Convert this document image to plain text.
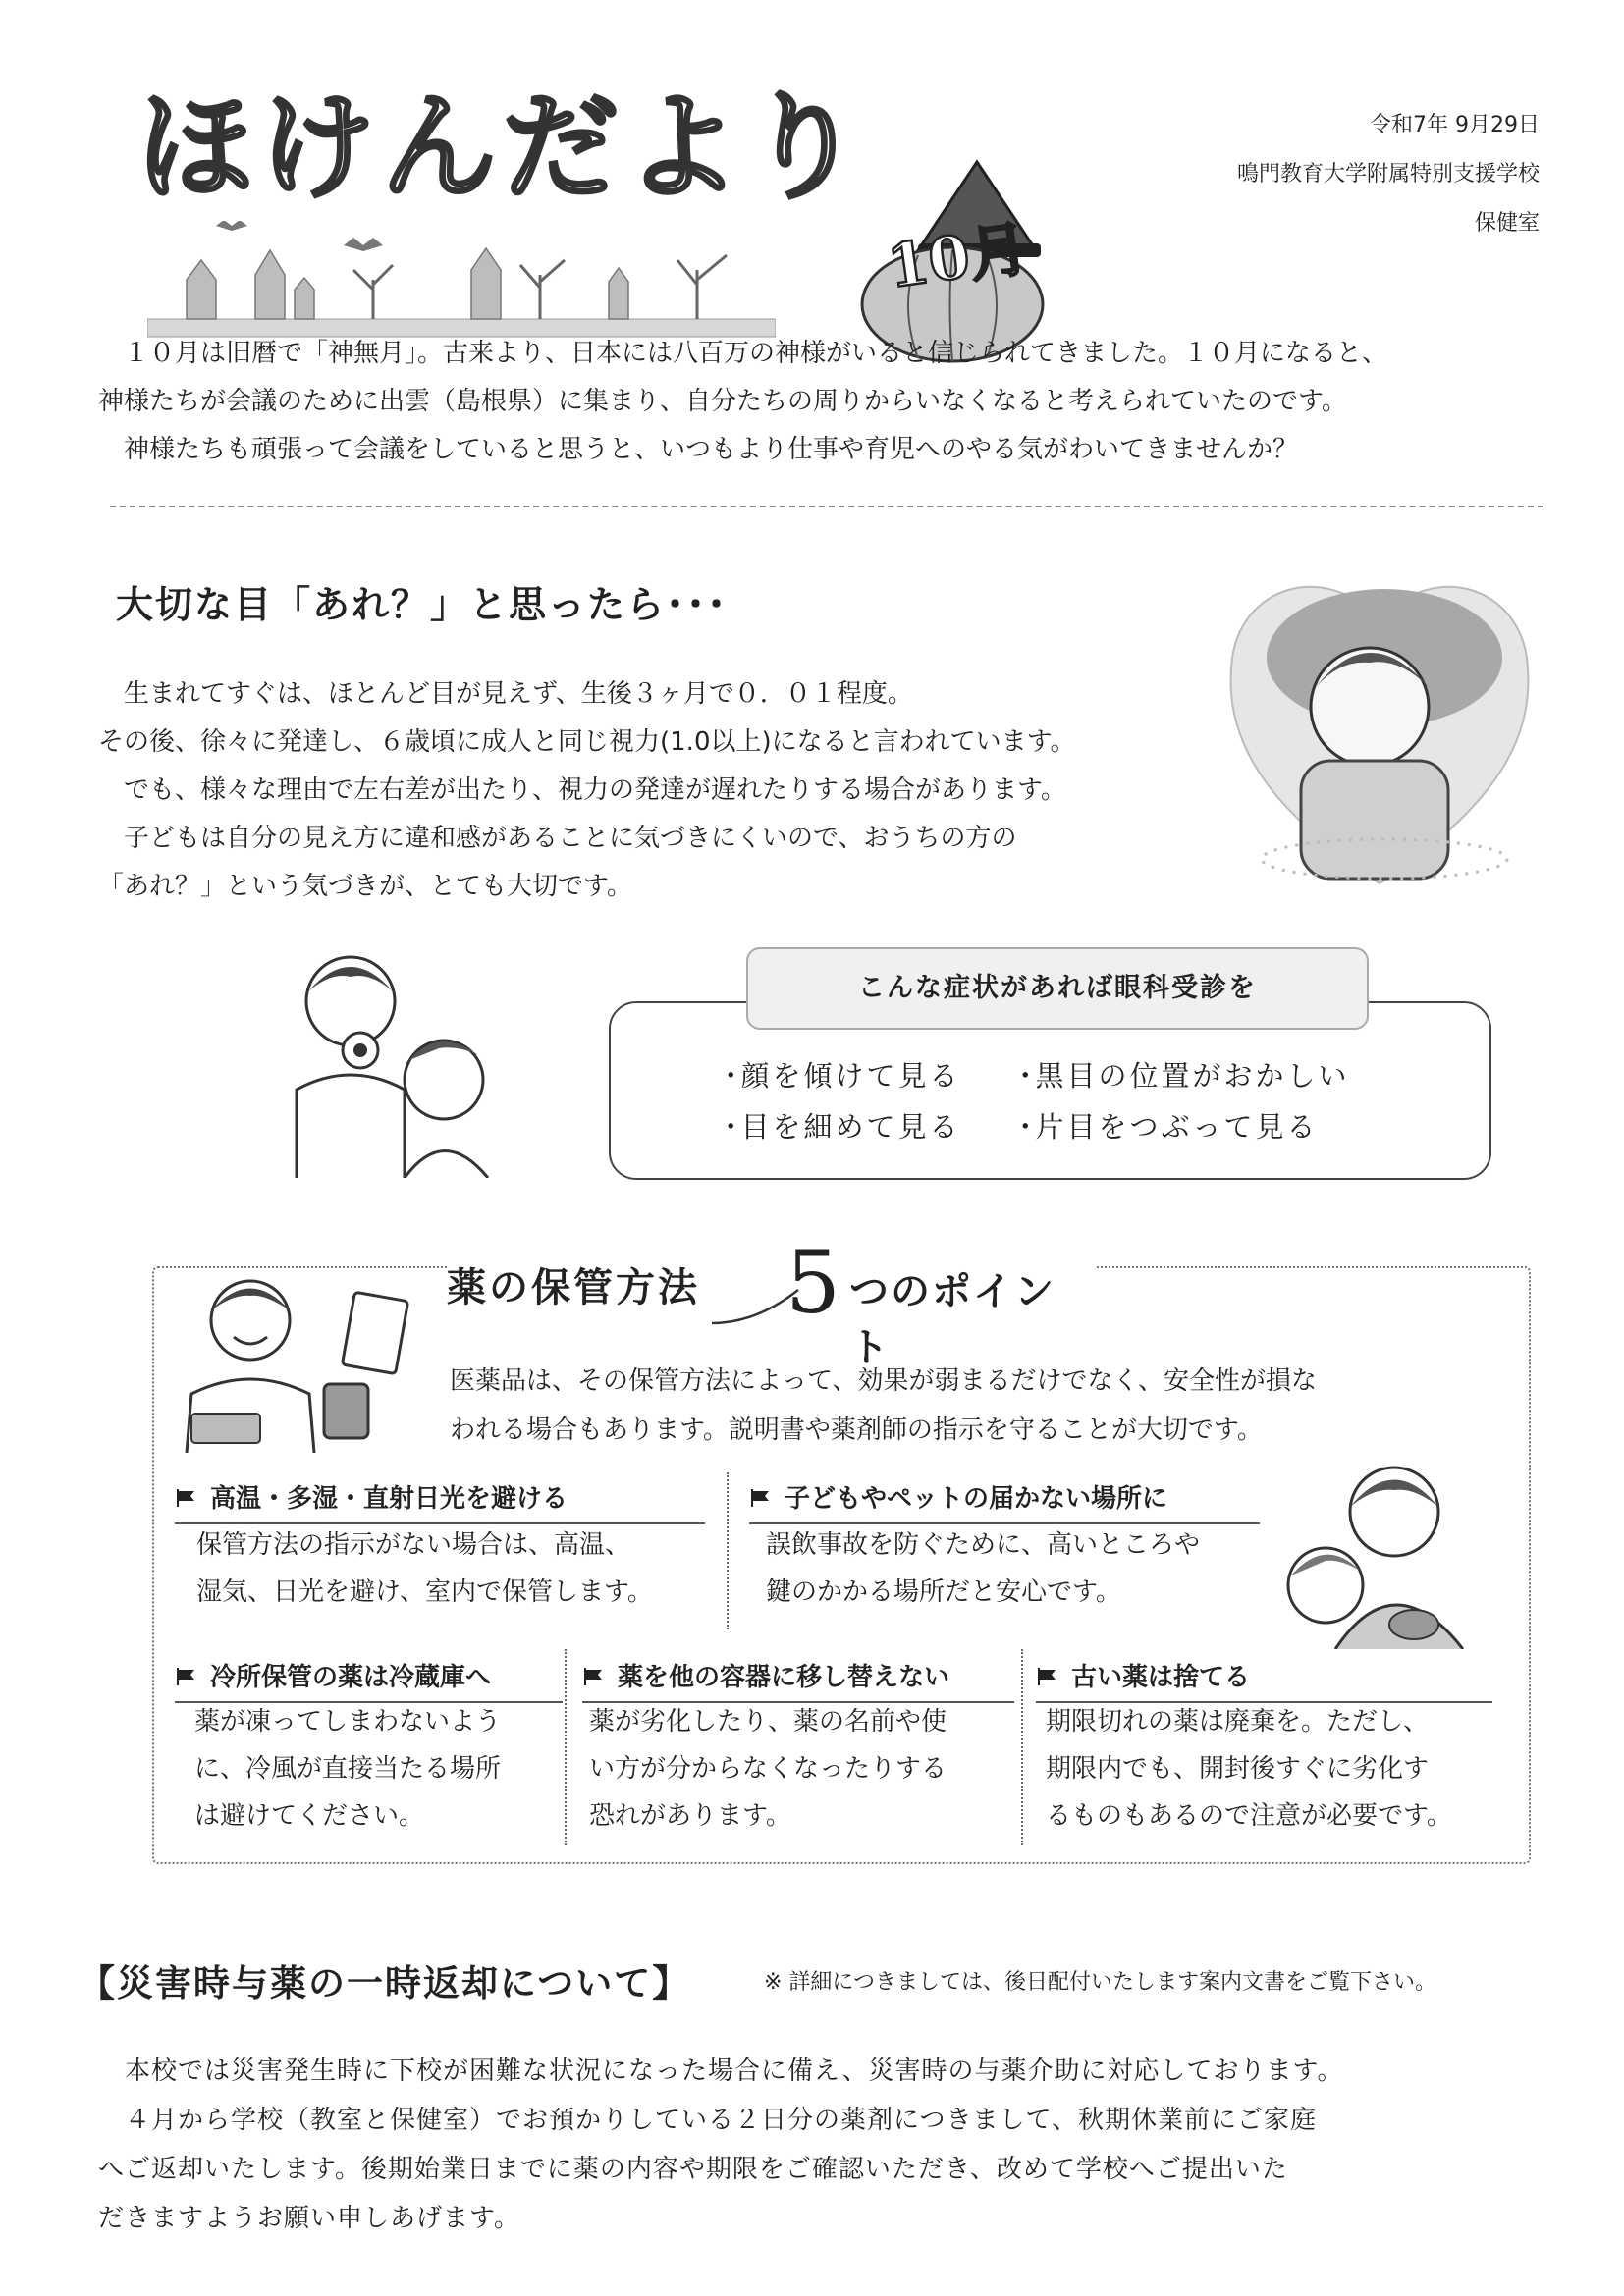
ほけんだより
10月
令和7年 9月29日
鳴門教育大学附属特別支援学校
保健室
　１０月は旧暦で「神無月」。古来より、日本には八百万の神様がいると信じられてきました。１０月になると、
神様たちが会議のために出雲（島根県）に集まり、自分たちの周りからいなくなると考えられていたのです。
　神様たちも頑張って会議をしていると思うと、いつもより仕事や育児へのやる気がわいてきませんか？
大切な目「あれ？」と思ったら･･･
　生まれてすぐは、ほとんど目が見えず、生後３ヶ月で０．０１程度。
その後、徐々に発達し、６歳頃に成人と同じ視力(1.0以上)になると言われています。
　でも、様々な理由で左右差が出たり、視力の発達が遅れたりする場合があります。
　子どもは自分の見え方に違和感があることに気づきにくいので、おうちの方の
「あれ？」という気づきが、とても大切です。
･顔を傾けて見る ･黒目の位置がおかしい
･目を細めて見る ･片目をつぶって見る
こんな症状があれば眼科受診を
薬の保管方法 5 つのポイント
医薬品は、その保管方法によって、効果が弱まるだけでなく、安全性が損な
われる場合もあります。説明書や薬剤師の指示を守ることが大切です。
高温・多湿・直射日光を避ける
保管方法の指示がない場合は、高温、
湿気、日光を避け、室内で保管します。
子どもやペットの届かない場所に
誤飲事故を防ぐために、高いところや
鍵のかかる場所だと安心です。
冷所保管の薬は冷蔵庫へ
薬が凍ってしまわないよう
に、冷風が直接当たる場所
は避けてください。
薬を他の容器に移し替えない
薬が劣化したり、薬の名前や使
い方が分からなくなったりする
恐れがあります。
古い薬は捨てる
期限切れの薬は廃棄を。ただし、
期限内でも、開封後すぐに劣化す
るものもあるので注意が必要です。
【災害時与薬の一時返却について】	※ 詳細につきましては、後日配付いたします案内文書をご覧下さい。
　本校では災害発生時に下校が困難な状況になった場合に備え、災害時の与薬介助に対応しております。
　４月から学校（教室と保健室）でお預かりしている２日分の薬剤につきまして、秋期休業前にご家庭
へご返却いたします。後期始業日までに薬の内容や期限をご確認いただき、改めて学校へご提出いた
だきますようお願い申しあげます。
